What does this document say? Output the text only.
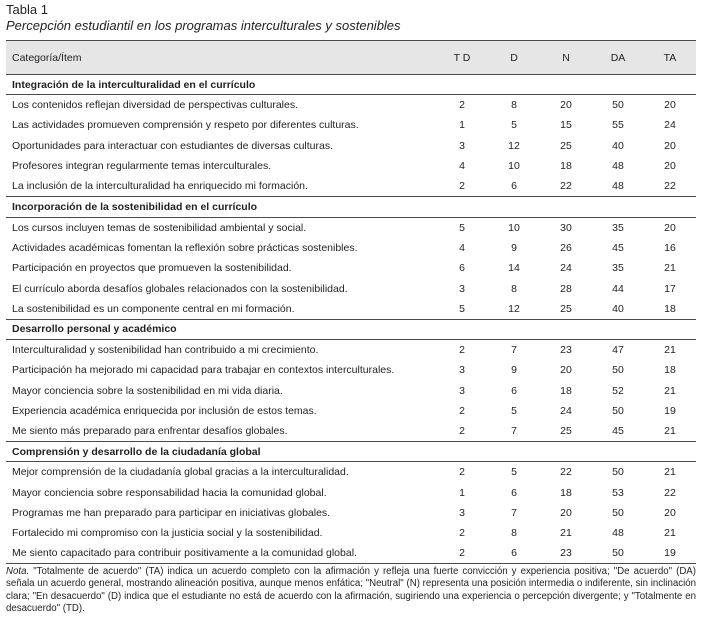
Tabla 1
Percepción estudiantil en los programas interculturales y sostenibles
Categoría/Ítem	T D	D	N	DA	TA
Integración de la interculturalidad en el currículo					
Los contenidos reflejan diversidad de perspectivas culturales.	2	8	20	50	20
Las actividades promueven comprensión y respeto por diferentes culturas.	1	5	15	55	24
Oportunidades para interactuar con estudiantes de diversas culturas.	3	12	25	40	20
Profesores integran regularmente temas interculturales.	4	10	18	48	20
La inclusión de la interculturalidad ha enriquecido mi formación.	2	6	22	48	22
Incorporación de la sostenibilidad en el currículo					
Los cursos incluyen temas de sostenibilidad ambiental y social.	5	10	30	35	20
Actividades académicas fomentan la reflexión sobre prácticas sostenibles.	4	9	26	45	16
Participación en proyectos que promueven la sostenibilidad.	6	14	24	35	21
El currículo aborda desafíos globales relacionados con la sostenibilidad.	3	8	28	44	17
La sostenibilidad es un componente central en mi formación.	5	12	25	40	18
Desarrollo personal y académico					
Interculturalidad y sostenibilidad han contribuido a mi crecimiento.	2	7	23	47	21
Participación ha mejorado mi capacidad para trabajar en contextos interculturales.	3	9	20	50	18
Mayor conciencia sobre la sostenibilidad en mi vida diaria.	3	6	18	52	21
Experiencia académica enriquecida por inclusión de estos temas.	2	5	24	50	19
Me siento más preparado para enfrentar desafíos globales.	2	7	25	45	21
Comprensión y desarrollo de la ciudadanía global					
Mejor comprensión de la ciudadanía global gracias a la interculturalidad.	2	5	22	50	21
Mayor conciencia sobre responsabilidad hacia la comunidad global.	1	6	18	53	22
Programas me han preparado para participar en iniciativas globales.	3	7	20	50	20
Fortalecido mi compromiso con la justicia social y la sostenibilidad.	2	8	21	48	21
Me siento capacitado para contribuir positivamente a la comunidad global.	2	6	23	50	19
Nota. "Totalmente de acuerdo" (TA) indica un acuerdo completo con la afirmación y refleja una fuerte convicción y experiencia positiva; "De acuerdo" (DA) señala un acuerdo general, mostrando alineación positiva, aunque menos enfática; "Neutral" (N) representa una posición intermedia o indiferente, sin inclinación clara; "En desacuerdo" (D) indica que el estudiante no está de acuerdo con la afirmación, sugiriendo una experiencia o percepción divergente; y "Totalmente en desacuerdo" (TD).
